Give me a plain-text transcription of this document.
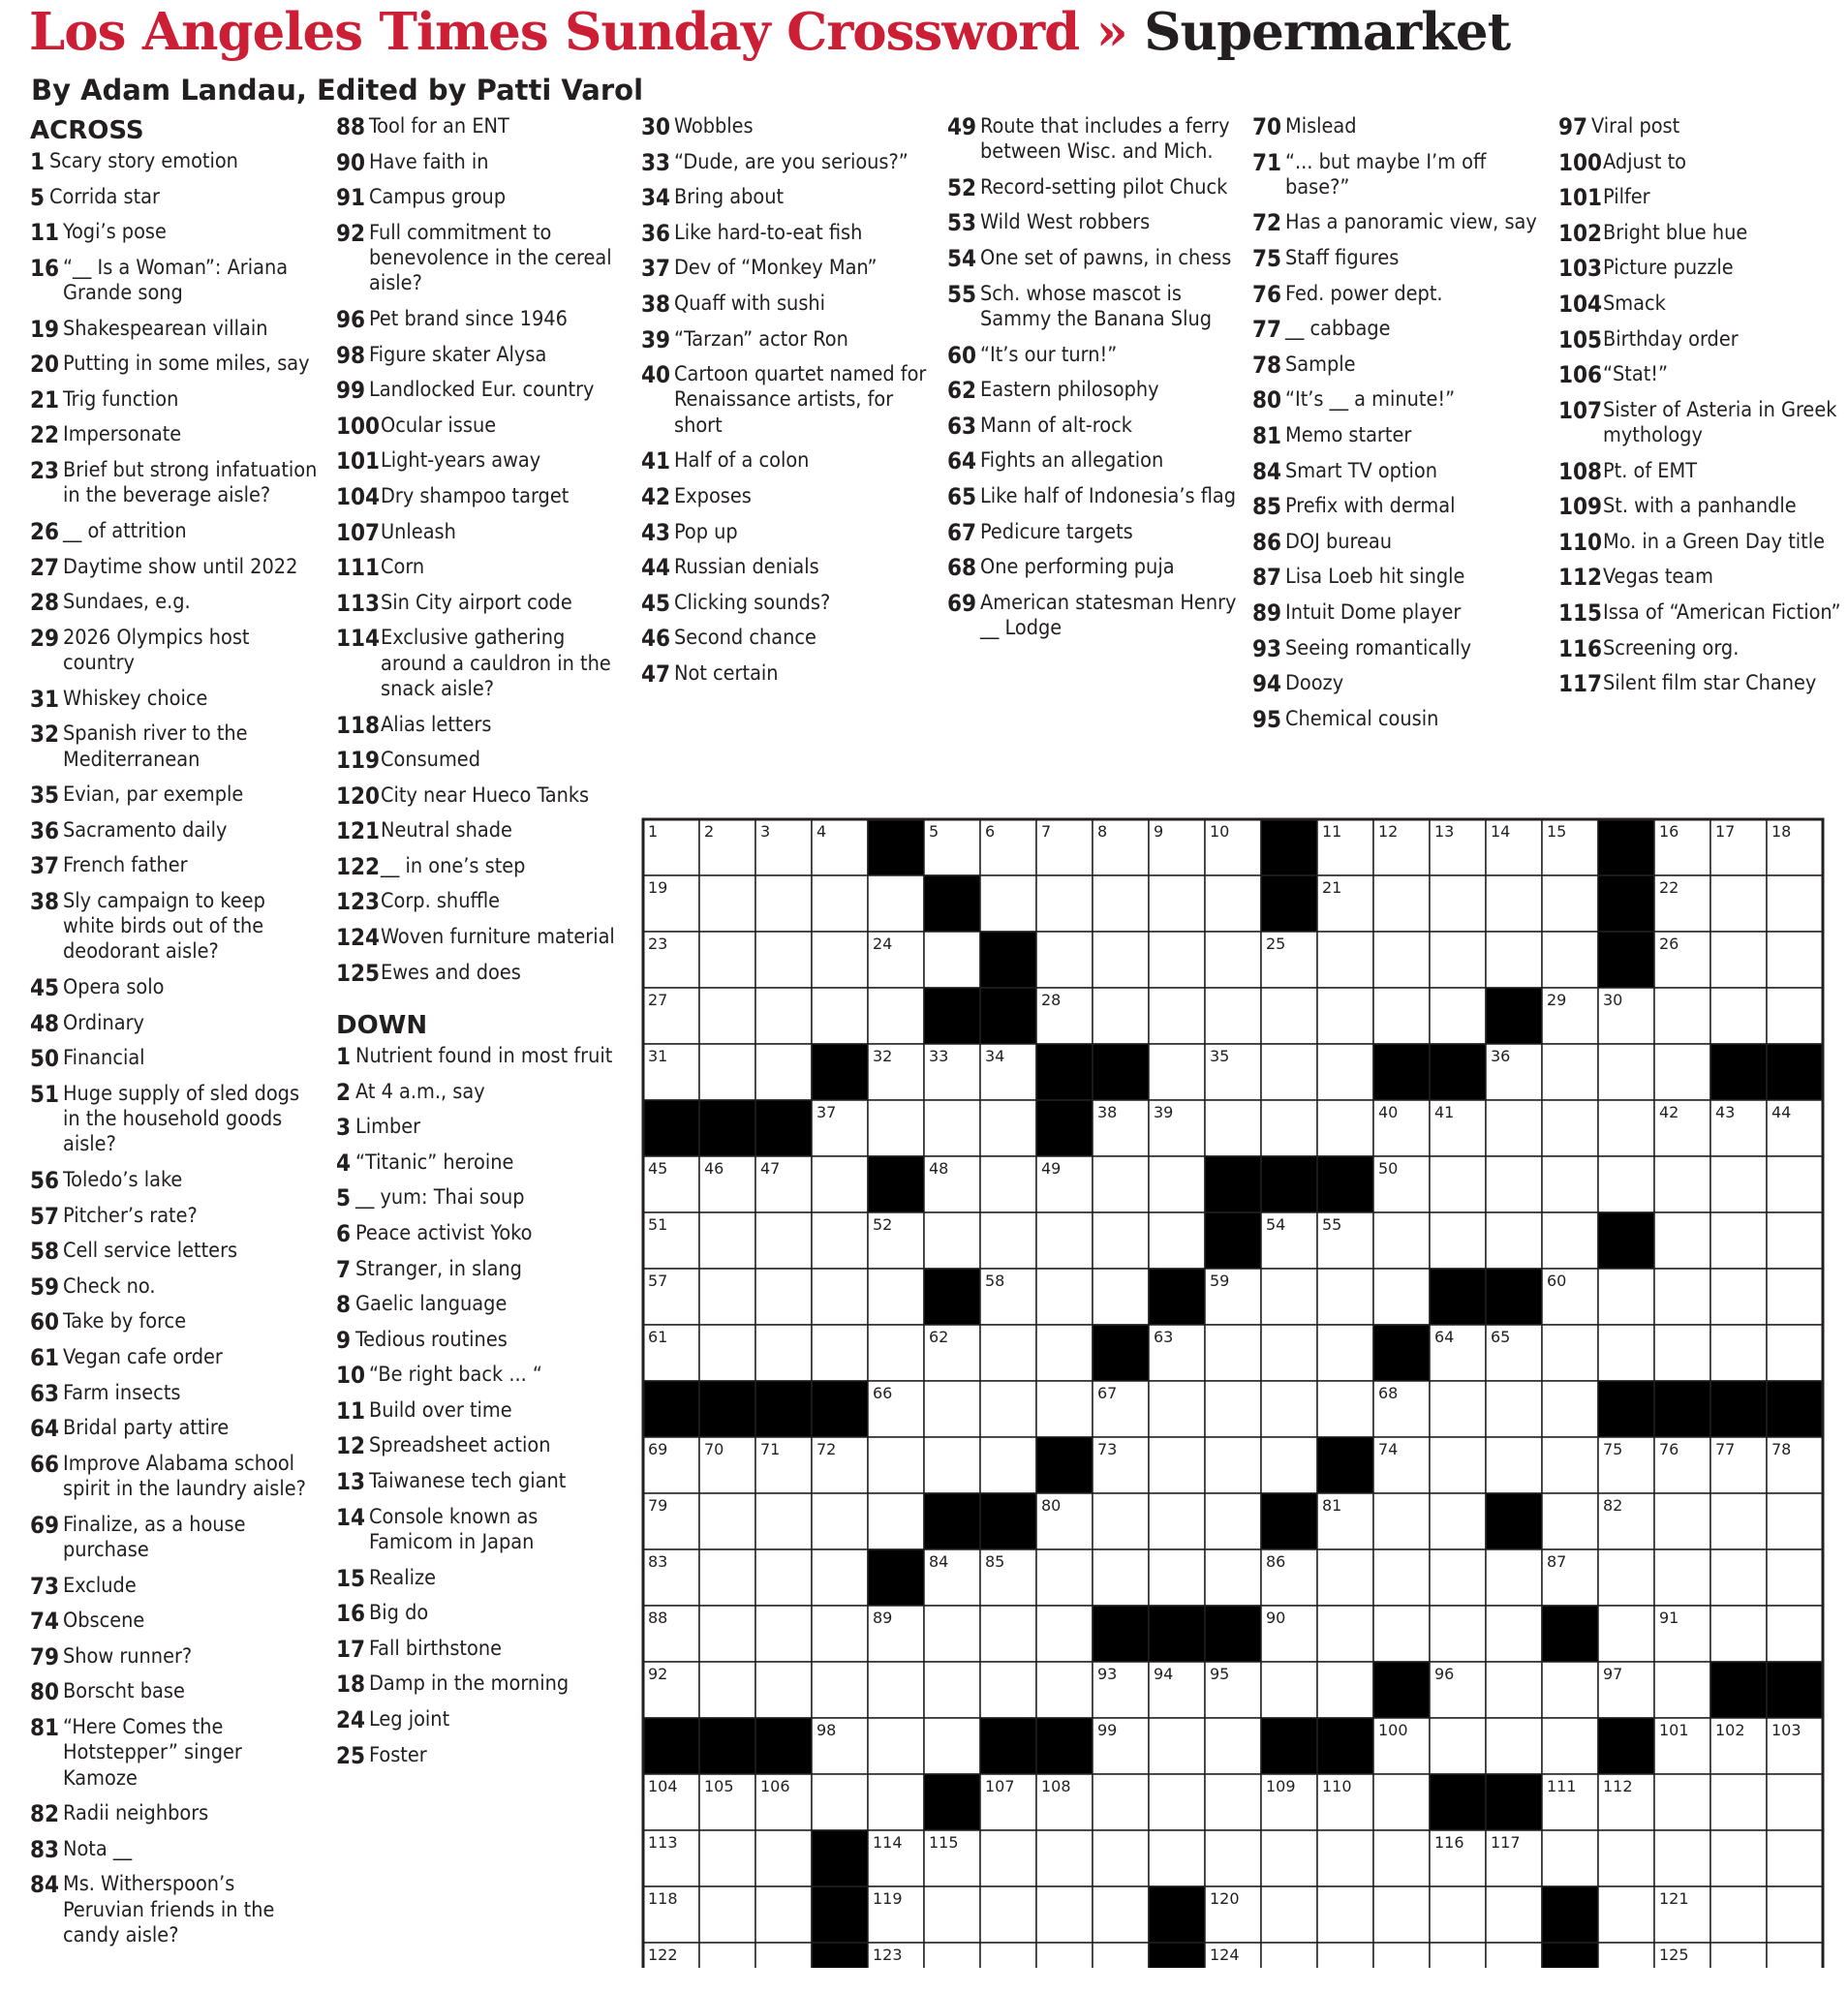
Los Angeles Times Sunday Crossword » Supermarket
By Adam Landau, Edited by Patti Varol
ACROSS
1 Scary story emotion
5 Corrida star
11 Yogi’s pose
16 “__ Is a Woman”: Ariana Grande song
19 Shakespearean villain
20 Putting in some miles, say
21 Trig function
22 Impersonate
23 Brief but strong infatuation in the beverage aisle?
26 __ of attrition
27 Daytime show until 2022
28 Sundaes, e.g.
29 2026 Olympics host country
31 Whiskey choice
32 Spanish river to the Mediterranean
35 Evian, par exemple
36 Sacramento daily
37 French father
38 Sly campaign to keep white birds out of the deodorant aisle?
45 Opera solo
48 Ordinary
50 Financial
51 Huge supply of sled dogs in the household goods aisle?
56 Toledo’s lake
57 Pitcher’s rate?
58 Cell service letters
59 Check no.
60 Take by force
61 Vegan cafe order
63 Farm insects
64 Bridal party attire
66 Improve Alabama school spirit in the laundry aisle?
69 Finalize, as a house purchase
73 Exclude
74 Obscene
79 Show runner?
80 Borscht base
81 “Here Comes the Hotstepper” singer Kamoze
82 Radii neighbors
83 Nota __
84 Ms. Witherspoon’s Peruvian friends in the candy aisle?
88 Tool for an ENT
90 Have faith in
91 Campus group
92 Full commitment to benevolence in the cereal aisle?
96 Pet brand since 1946
98 Figure skater Alysa
99 Landlocked Eur. country
100 Ocular issue
101 Light-years away
104 Dry shampoo target
107 Unleash
111 Corn
113 Sin City airport code
114 Exclusive gathering around a cauldron in the snack aisle?
118 Alias letters
119 Consumed
120 City near Hueco Tanks
121 Neutral shade
122 __ in one’s step
123 Corp. shuffle
124 Woven furniture material
125 Ewes and does
DOWN
1 Nutrient found in most fruit
2 At 4 a.m., say
3 Limber
4 “Titanic” heroine
5 __ yum: Thai soup
6 Peace activist Yoko
7 Stranger, in slang
8 Gaelic language
9 Tedious routines
10 “Be right back ... “
11 Build over time
12 Spreadsheet action
13 Taiwanese tech giant
14 Console known as Famicom in Japan
15 Realize
16 Big do
17 Fall birthstone
18 Damp in the morning
24 Leg joint
25 Foster
30 Wobbles
33 “Dude, are you serious?”
34 Bring about
36 Like hard-to-eat fish
37 Dev of “Monkey Man”
38 Quaff with sushi
39 “Tarzan” actor Ron
40 Cartoon quartet named for Renaissance artists, for short
41 Half of a colon
42 Exposes
43 Pop up
44 Russian denials
45 Clicking sounds?
46 Second chance
47 Not certain
49 Route that includes a ferry between Wisc. and Mich.
52 Record-setting pilot Chuck
53 Wild West robbers
54 One set of pawns, in chess
55 Sch. whose mascot is Sammy the Banana Slug
60 “It’s our turn!”
62 Eastern philosophy
63 Mann of alt-rock
64 Fights an allegation
65 Like half of Indonesia’s flag
67 Pedicure targets
68 One performing puja
69 American statesman Henry __ Lodge
70 Mislead
71 “... but maybe I’m off base?”
72 Has a panoramic view, say
75 Staff figures
76 Fed. power dept.
77 __ cabbage
78 Sample
80 “It’s __ a minute!”
81 Memo starter
84 Smart TV option
85 Prefix with dermal
86 DOJ bureau
87 Lisa Loeb hit single
89 Intuit Dome player
93 Seeing romantically
94 Doozy
95 Chemical cousin
97 Viral post
100 Adjust to
101 Pilfer
102 Bright blue hue
103 Picture puzzle
104 Smack
105 Birthday order
106 “Stat!”
107 Sister of Asteria in Greek mythology
108 Pt. of EMT
109 St. with a panhandle
110 Mo. in a Green Day title
112 Vegas team
115 Issa of “American Fiction”
116 Screening org.
117 Silent film star Chaney
1	2	3	4	5	6	7	8	9	10	11 12 13 14 15	16 17 18
19	21	22
23	24	25	26
27	28	29 30
31	32 33 34	35	36
37	38 39	40 41	42 43 44
45 46 47	48	49	50
51	52	54 55
57	58	59	60
61	62	63	64 65
66	67	68
69 70 71 72	73	74	75 76 77 78
79	80	81	82
83	84 85	86	87
88	89	90	91
92	93 94 95	96	97
98	99	100	101 102 103
104 105 106	107 108	109 110	111 112
113	114 115	116 117
118	119	120	121
122	123	124	125
